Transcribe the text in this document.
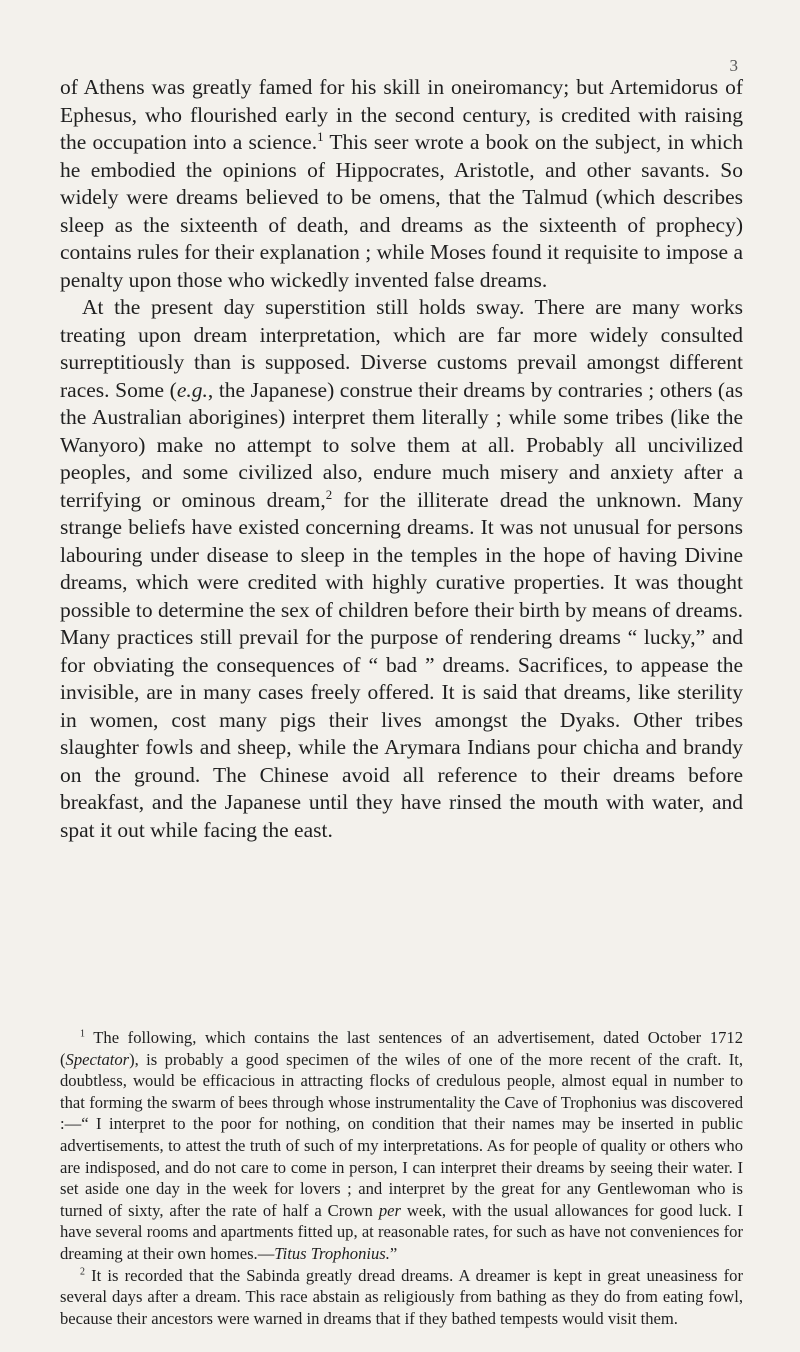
3

of Athens was greatly famed for his skill in oneiromancy; but Artemidorus of Ephesus, who flourished early in the second century, is credited with raising the occupation into a science.$^1$ This seer wrote a book on the subject, in which he embodied the opinions of Hippocrates, Aristotle, and other savants. So widely were dreams believed to be omens, that the Talmud (which describes sleep as the sixteenth of death, and dreams as the sixteenth of prophecy) contains rules for their explanation ; while Moses found it requisite to impose a penalty upon those who wickedly invented false dreams.

At the present day superstition still holds sway. There are many works treating upon dream interpretation, which are far more widely consulted surreptitiously than is supposed. Diverse customs prevail amongst different races. Some (e.g., the Japanese) construe their dreams by contraries ; others (as the Australian aborigines) interpret them literally ; while some tribes (like the Wanyoro) make no attempt to solve them at all. Probably all uncivilized peoples, and some civilized also, endure much misery and anxiety after a terrifying or ominous dream,$^2$ for the illiterate dread the unknown. Many strange beliefs have existed concerning dreams. It was not unusual for persons labouring under disease to sleep in the temples in the hope of having Divine dreams, which were credited with highly curative properties. It was thought possible to determine the sex of children before their birth by means of dreams. Many practices still prevail for the purpose of rendering dreams “ lucky,” and for obviating the consequences of “ bad ” dreams. Sacrifices, to appease the invisible, are in many cases freely offered. It is said that dreams, like sterility in women, cost many pigs their lives amongst the Dyaks. Other tribes slaughter fowls and sheep, while the Arymara Indians pour chicha and brandy on the ground. The Chinese avoid all reference to their dreams before breakfast, and the Japanese until they have rinsed the mouth with water, and spat it out while facing the east.

$^1$ The following, which contains the last sentences of an advertisement, dated October 1712 (Spectator), is probably a good specimen of the wiles of one of the more recent of the craft. It, doubtless, would be efficacious in attracting flocks of credulous people, almost equal in number to that forming the swarm of bees through whose instrumentality the Cave of Trophonius was discovered :—“ I interpret to the poor for nothing, on condition that their names may be inserted in public advertisements, to attest the truth of such of my interpretations. As for people of quality or others who are indisposed, and do not care to come in person, I can interpret their dreams by seeing their water. I set aside one day in the week for lovers ; and interpret by the great for any Gentlewoman who is turned of sixty, after the rate of half a Crown per week, with the usual allowances for good luck. I have several rooms and apartments fitted up, at reasonable rates, for such as have not conveniences for dreaming at their own homes.—Titus Trophonius.”

$^2$ It is recorded that the Sabinda greatly dread dreams. A dreamer is kept in great uneasiness for several days after a dream. This race abstain as religiously from bathing as they do from eating fowl, because their ancestors were warned in dreams that if they bathed tempests would visit them.
